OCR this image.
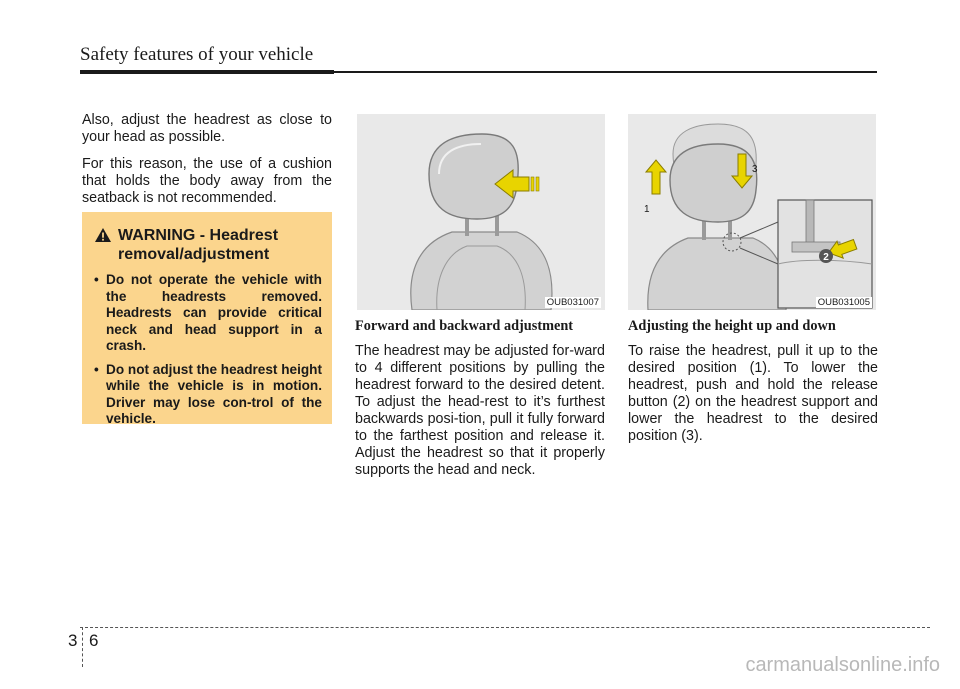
Safety features of your vehicle

Also, adjust the headrest as close to your head as possible.

For this reason, the use of a cushion that holds the body away from the seatback is not recommended.

WARNING - Headrest removal/adjustment
• Do not operate the vehicle with the headrests removed. Headrests can provide critical neck and head support in a crash.
• Do not adjust the headrest height while the vehicle is in motion. Driver may lose con-trol of the vehicle.
OUB031007
1
3
2
OUB031005
Forward and backward adjustment

The headrest may be adjusted for-ward to 4 different positions by pulling the headrest forward to the desired detent. To adjust the head-rest to it’s furthest backwards posi-tion, pull it fully forward to the farthest position and release it. Adjust the headrest so that it properly supports the head and neck.

Adjusting the height up and down

To raise the headrest, pull it up to the desired position (1). To lower the headrest, push and hold the release button (2) on the headrest support and lower the headrest to the desired position (3).

3 6
carmanualsonline.info
